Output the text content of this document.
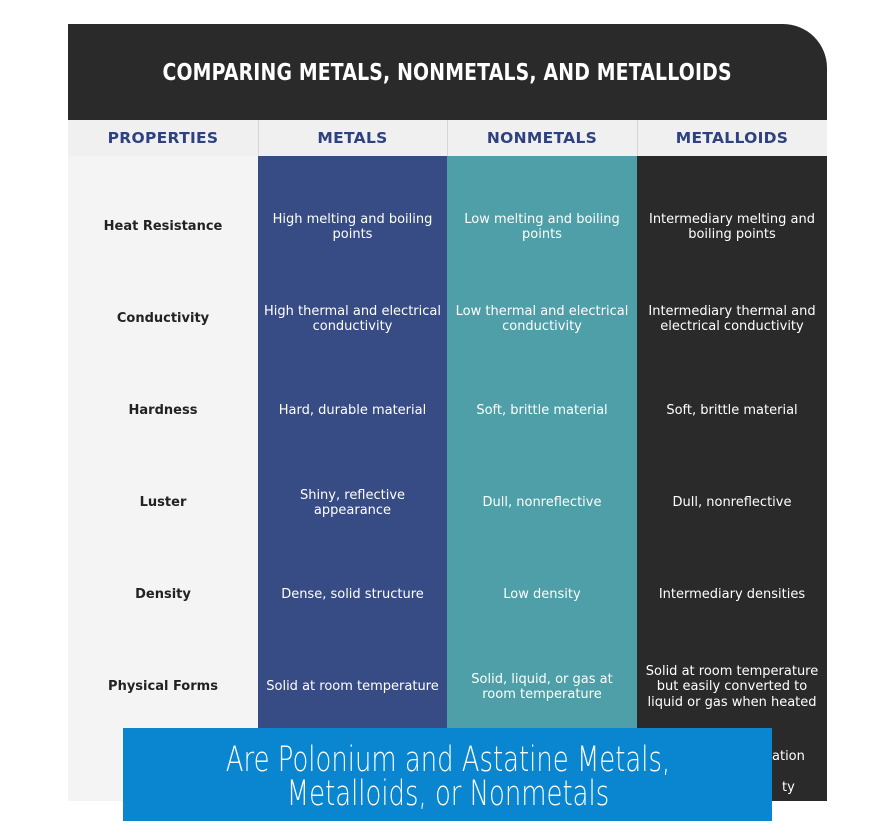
COMPARING METALS, NONMETALS, AND METALLOIDS
PROPERTIES
Heat Resistance
Conductivity
Hardness
Luster
Density
Physical Forms
METALS
High melting and boiling points
High thermal and electrical conductivity
Hard, durable material
Shiny, reflective appearance
Dense, solid structure
Solid at room temperature
NONMETALS
Low melting and boiling points
Low thermal and electrical conductivity
Soft, brittle material
Dull, nonreflective
Low density
Solid, liquid, or gas at room temperature
METALLOIDS
Intermediary melting and boiling points
Intermediary thermal and electrical conductivity
Soft, brittle material
Dull, nonreflective
Intermediary densities
Solid at room temperature but easily converted to liquid or gas when heated
ation
ty
Are Polonium and Astatine Metals, Metalloids, or Nonmetals
